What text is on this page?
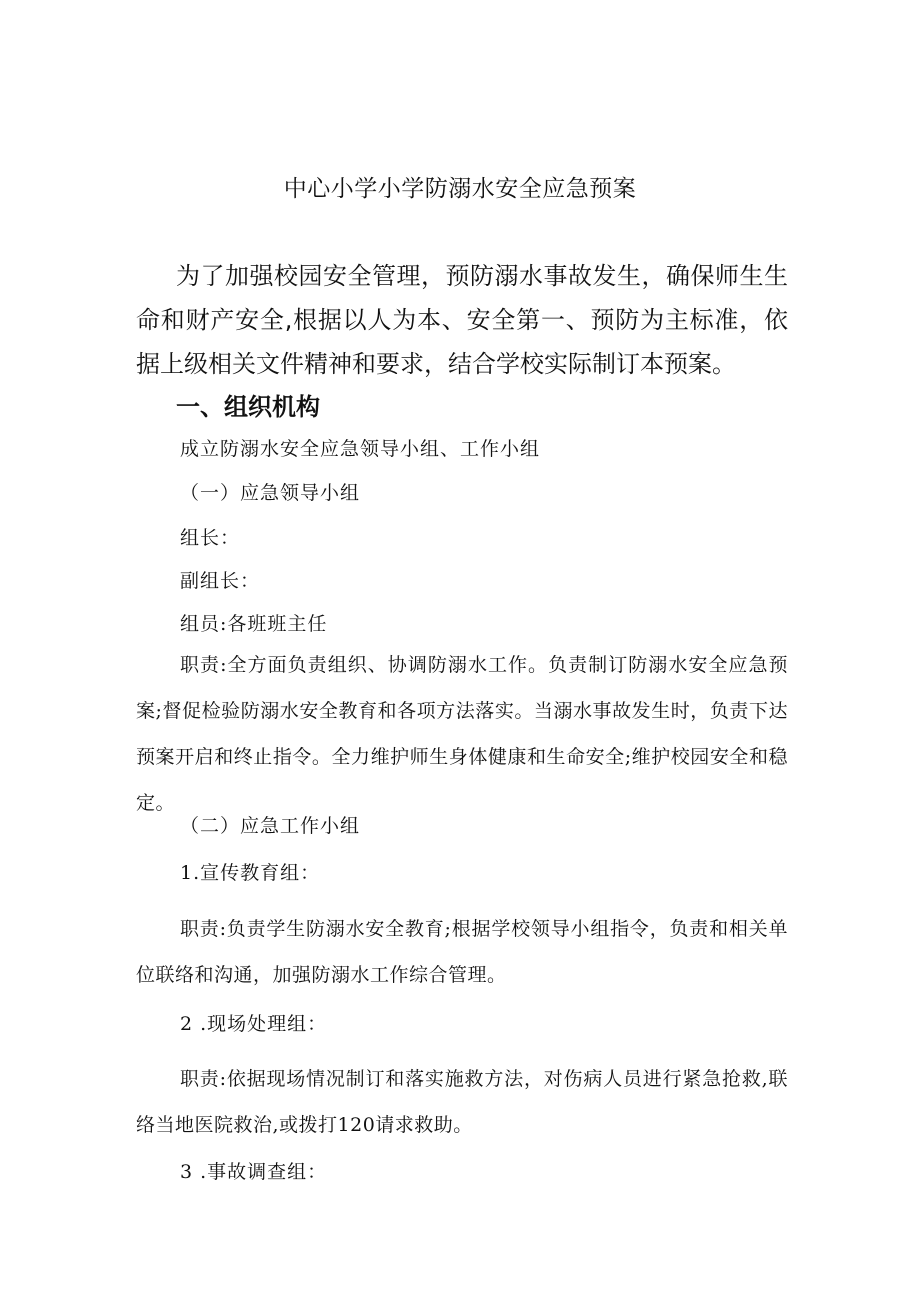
中心小学小学防溺水安全应急预案

为了加强校园安全管理，预防溺水事故发生，确保师生生命和财产安全,根据以人为本、安全第一、预防为主标准，依据上级相关文件精神和要求，结合学校实际制订本预案。

一、组织机构
成立防溺水安全应急领导小组、工作小组
（一）应急领导小组
组长：
副组长：
组员:各班班主任

职责:全方面负责组织、协调防溺水工作。负责制订防溺水安全应急预案;督促检验防溺水安全教育和各项方法落实。当溺水事故发生时，负责下达预案开启和终止指令。全力维护师生身体健康和生命安全;维护校园安全和稳定。

（二）应急工作小组
1.宣传教育组：

职责:负责学生防溺水安全教育;根据学校领导小组指令，负责和相关单位联络和沟通，加强防溺水工作综合管理。

2 .现场处理组：

职责:依据现场情况制订和落实施救方法，对伤病人员进行紧急抢救,联络当地医院救治,或拨打120请求救助。

3 .事故调查组：
